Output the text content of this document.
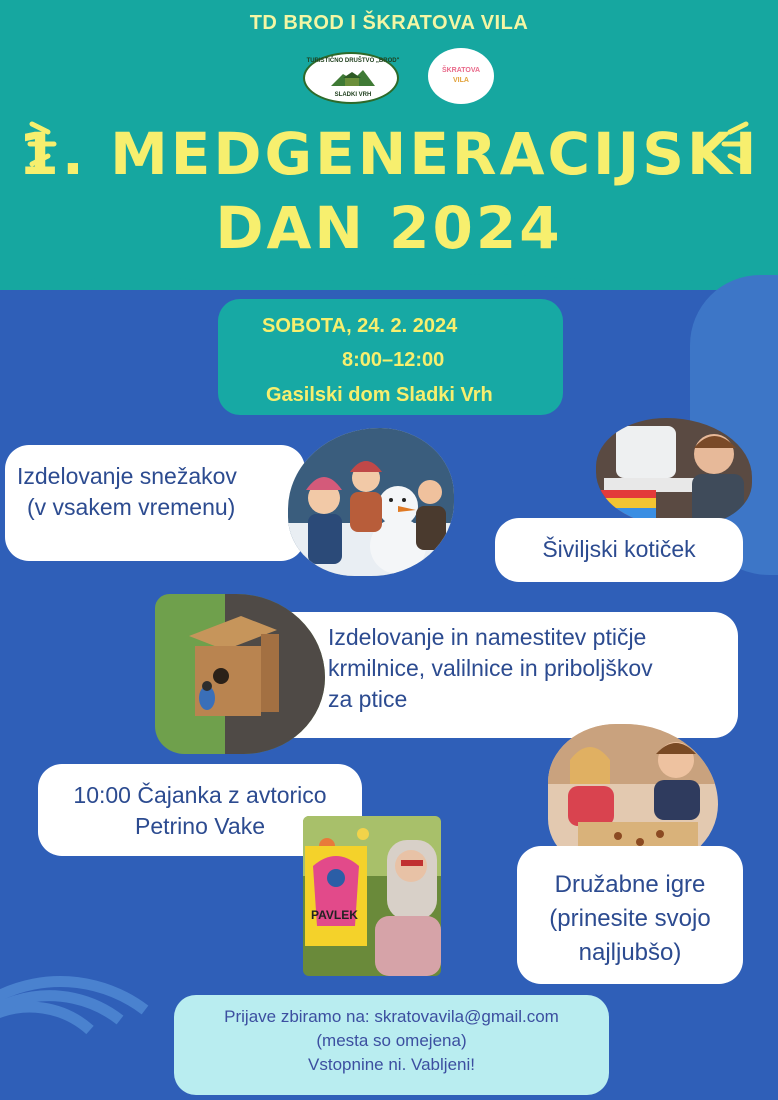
TD BROD I ŠKRATOVA VILA
TURISTIČNO DRUŠTVO „BROD"
SLADKI VRH
ŠKRATOVA
VILA
1. MEDGENERACIJSKI
DAN 2024
SOBOTA, 24. 2. 2024
8:00–12:00
Gasilski dom Sladki Vrh
Izdelovanje snežakov
(v vsakem vremenu)
Šiviljski kotiček
Izdelovanje in namestitev ptičje
krmilnice, valilnice in priboljškov
za ptice
10:00 Čajanka z avtorico
Petrino Vake
PAVLEK
Družabne igre
(prinesite svojo
najljubšo)
Prijave zbiramo na: skratovavila@gmail.com
(mesta so omejena)
Vstopnine ni. Vabljeni!
